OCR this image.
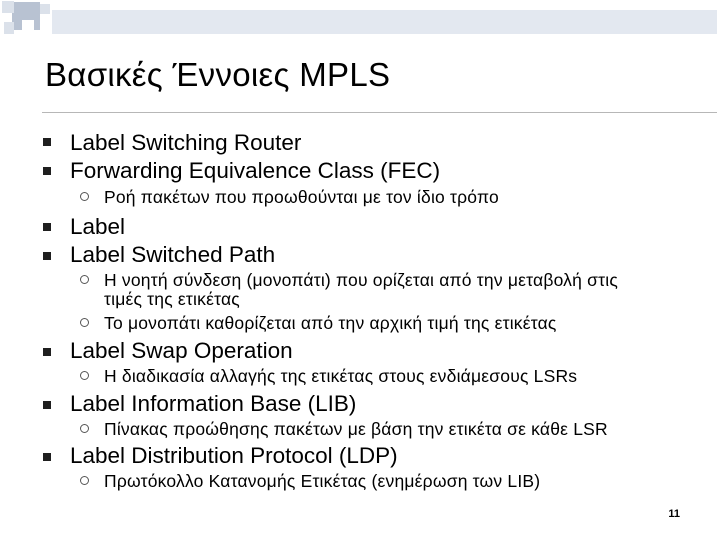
Βασικές Έννοιες MPLS
Label Switching Router
Forwarding Equivalence Class (FEC)
Ροή πακέτων που προωθούνται με τον ίδιο τρόπο
Label
Label Switched Path
Η νοητή σύνδεση (μονοπάτι) που ορίζεται από την μεταβολή στις
τιμές της ετικέτας
Το μονοπάτι καθορίζεται από την αρχική τιμή της ετικέτας
Label Swap Operation
Η διαδικασία αλλαγής της ετικέτας στους ενδιάμεσους LSRs
Label Information Base (LIB)
Πίνακας προώθησης πακέτων με βάση την ετικέτα σε κάθε LSR
Label Distribution Protocol (LDP)
Πρωτόκολλο Κατανομής Ετικέτας (ενημέρωση των LIB)
11
